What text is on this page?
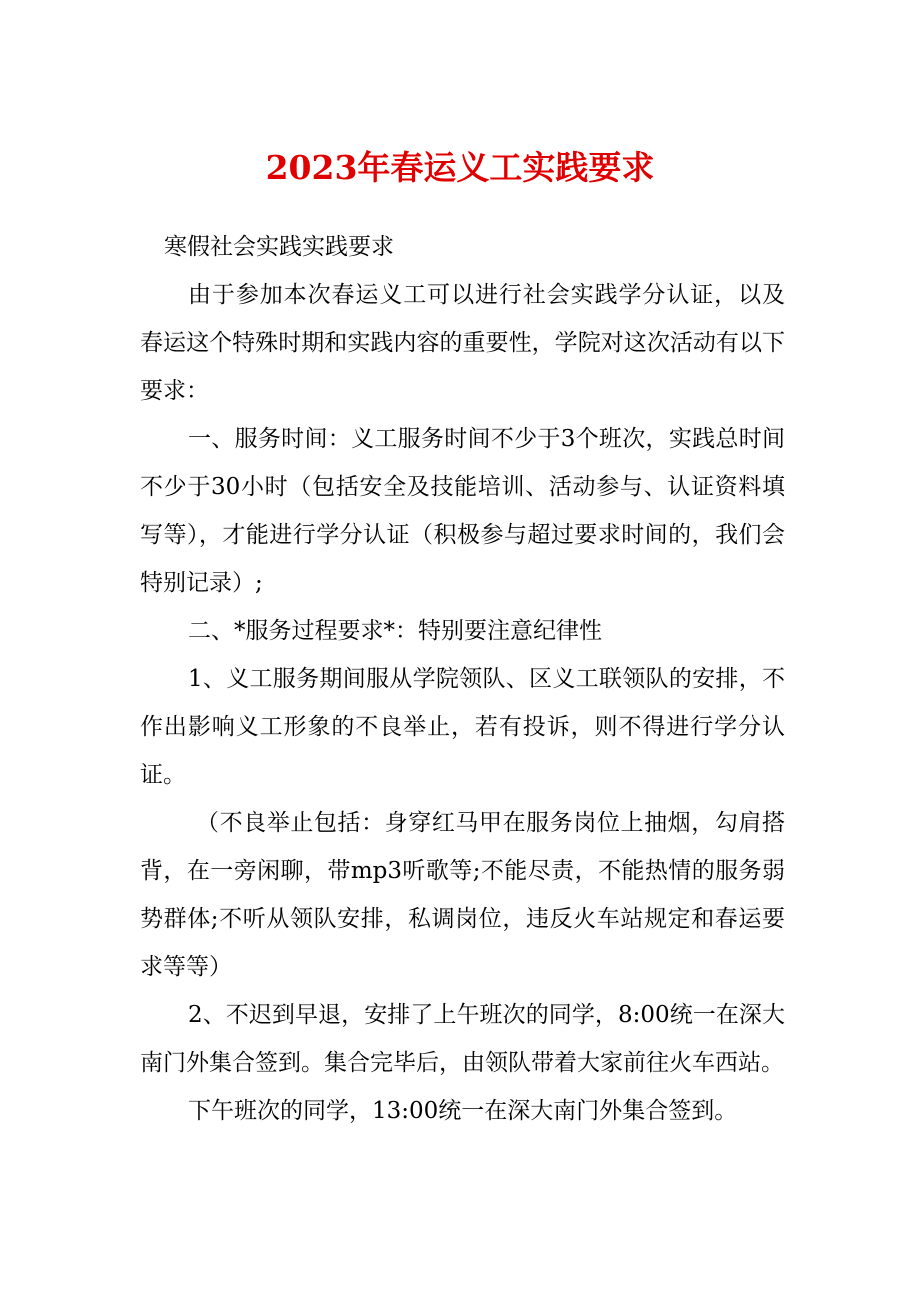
2023年春运义工实践要求

寒假社会实践实践要求

由于参加本次春运义工可以进行社会实践学分认证，以及春运这个特殊时期和实践内容的重要性，学院对这次活动有以下要求：

一、服务时间：义工服务时间不少于3个班次，实践总时间不少于30小时（包括安全及技能培训、活动参与、认证资料填写等），才能进行学分认证（积极参与超过要求时间的，我们会特别记录）;

二、*服务过程要求*：特别要注意纪律性

1、义工服务期间服从学院领队、区义工联领队的安排，不作出影响义工形象的不良举止，若有投诉，则不得进行学分认证。

（不良举止包括：身穿红马甲在服务岗位上抽烟，勾肩搭背，在一旁闲聊，带mp3听歌等;不能尽责，不能热情的服务弱势群体;不听从领队安排，私调岗位，违反火车站规定和春运要求等等）

2、不迟到早退，安排了上午班次的同学，8:00统一在深大南门外集合签到。集合完毕后，由领队带着大家前往火车西站。

下午班次的同学，13:00统一在深大南门外集合签到。
